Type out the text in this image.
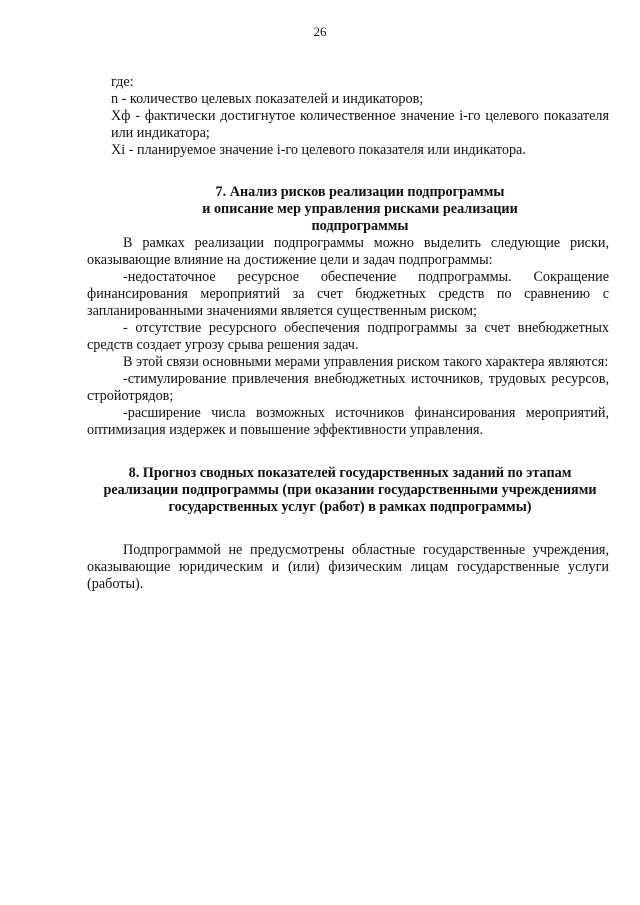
26

где:

n - количество целевых показателей и индикаторов;

Xф - фактически достигнутое количественное значение i-го целевого показателя или индикатора;

Xi - планируемое значение i-го целевого показателя или индикатора.

7. Анализ рисков реализации подпрограммы

и описание мер управления рисками реализации

подпрограммы

В рамках реализации подпрограммы можно выделить следующие риски, оказывающие влияние на достижение цели и задач подпрограммы:

-недостаточное ресурсное обеспечение подпрограммы. Сокращение финансирования мероприятий за счет бюджетных средств по сравнению с запланированными значениями является существенным риском;

- отсутствие ресурсного обеспечения подпрограммы за счет внебюджетных средств создает угрозу срыва решения задач.

В этой связи основными мерами управления риском такого характера являются:

-стимулирование привлечения внебюджетных источников, трудовых ресурсов, стройотрядов;

-расширение числа возможных источников финансирования мероприятий, оптимизация издержек и повышение эффективности управления.

8. Прогноз сводных показателей государственных заданий по этапам

реализации подпрограммы (при оказании государственными учреждениями

государственных услуг (работ) в рамках подпрограммы)

Подпрограммой не предусмотрены областные государственные учреждения, оказывающие юридическим и (или) физическим лицам государственные услуги (работы).
